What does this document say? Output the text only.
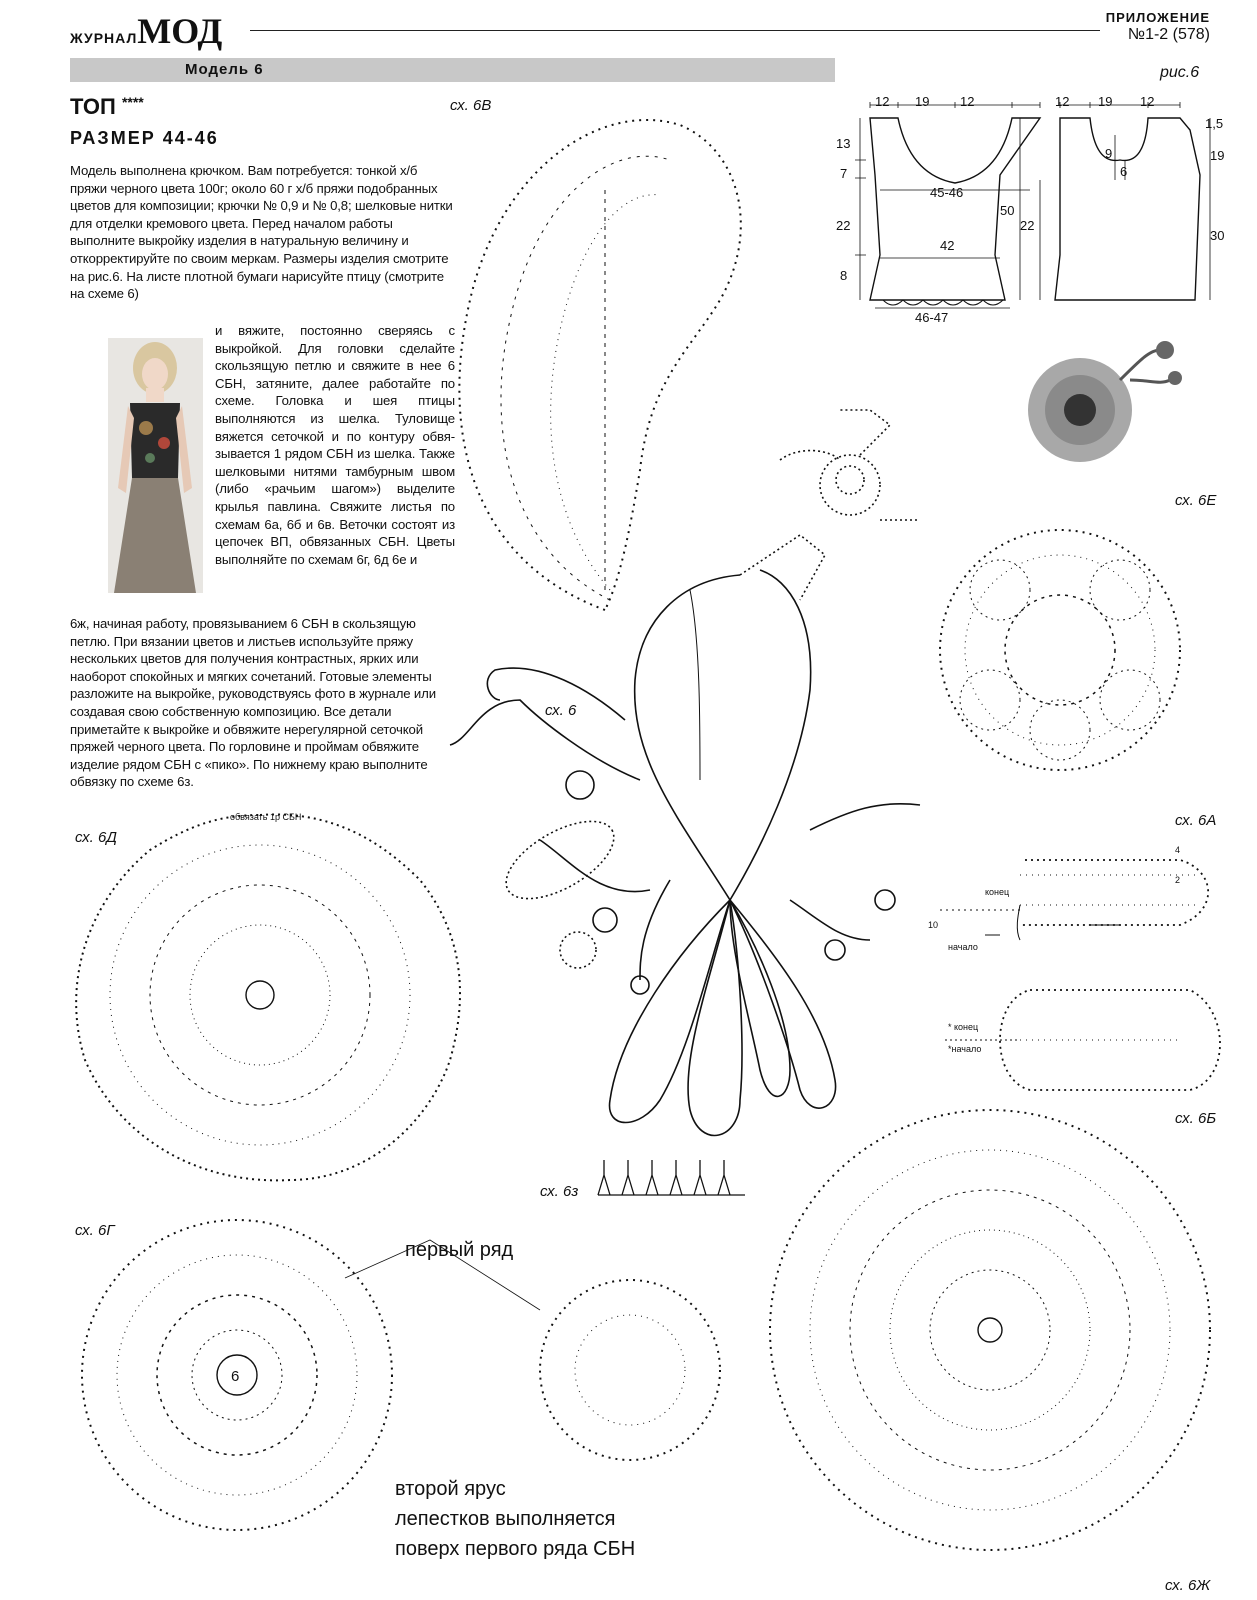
ЖУРНАЛМОД	ПРИЛОЖЕНИЕ
№1-2 (578)
Модель 6	рис.6
ТОП ****
РАЗМЕР 44-46
Модель выполнена крючком. Вам потребуется: тонкой х/б пряжи черного цвета 100г; около 60 г х/б пряжи подобранных цветов для композиции; крючки № 0,9 и № 0,8; шелковые нитки для отделки кремового цвета. Перед началом работы выполните выкройку изделия в натуральную величину и откорректируйте по своим меркам. Размеры изделия смотрите на рис.6. На листе плотной бумаги нарисуйте птицу (смотрите на схеме 6)
и вяжите, постоянно сверяясь с выкройкой. Для головки сделайте скользящую петлю и свяжите в нее 6 СБН, затяните, далее работайте по схеме. Головка и шея птицы выполняются из шелка. Туловище вяжется сеточкой и по контуру обвя-зывается 1 рядом СБН из шелка. Также шелковыми нитями тамбурным швом (либо «рачьим шагом») выделите крылья павлина. Свяжите листья по схемам 6а, 6б и 6в. Веточки состоят из цепочек ВП, обвязанных СБН. Цветы выполняйте по схемам 6г, 6д 6е и
6ж, начиная работу, провязыванием 6 СБН в скользящую петлю. При вязании цветов и листьев используйте пряжу нескольких цветов для получения контрастных, ярких или наоборот спокойных и мягких сочетаний. Готовые элементы разложите на выкройке, руководствуясь фото в журнале или создавая свою собственную композицию. Все детали приметайте к выкройке и обвяжите нерегулярной сеточкой пряжей черного цвета. По горловине и проймам обвяжите изделие рядом СБН с «пико». По нижнему краю выполните обвязку по схеме 6з.
12 19 12
13
7
22
8
45-46
42
46-47
50
12 19 12
22
9
6
1,5
19
30
сх. 6В
сх. 6
сх. 6Е
сх. 6А
сх. 6Д
сх. 6Б
сх. 6з
сх. 6Г
сх. 6Ж
обвязать 1р СБН
конец
начало
* конец
*начало
4
2
10
6
первый ряд
второй ярус
лепестков выполняется
поверх первого ряда СБН
